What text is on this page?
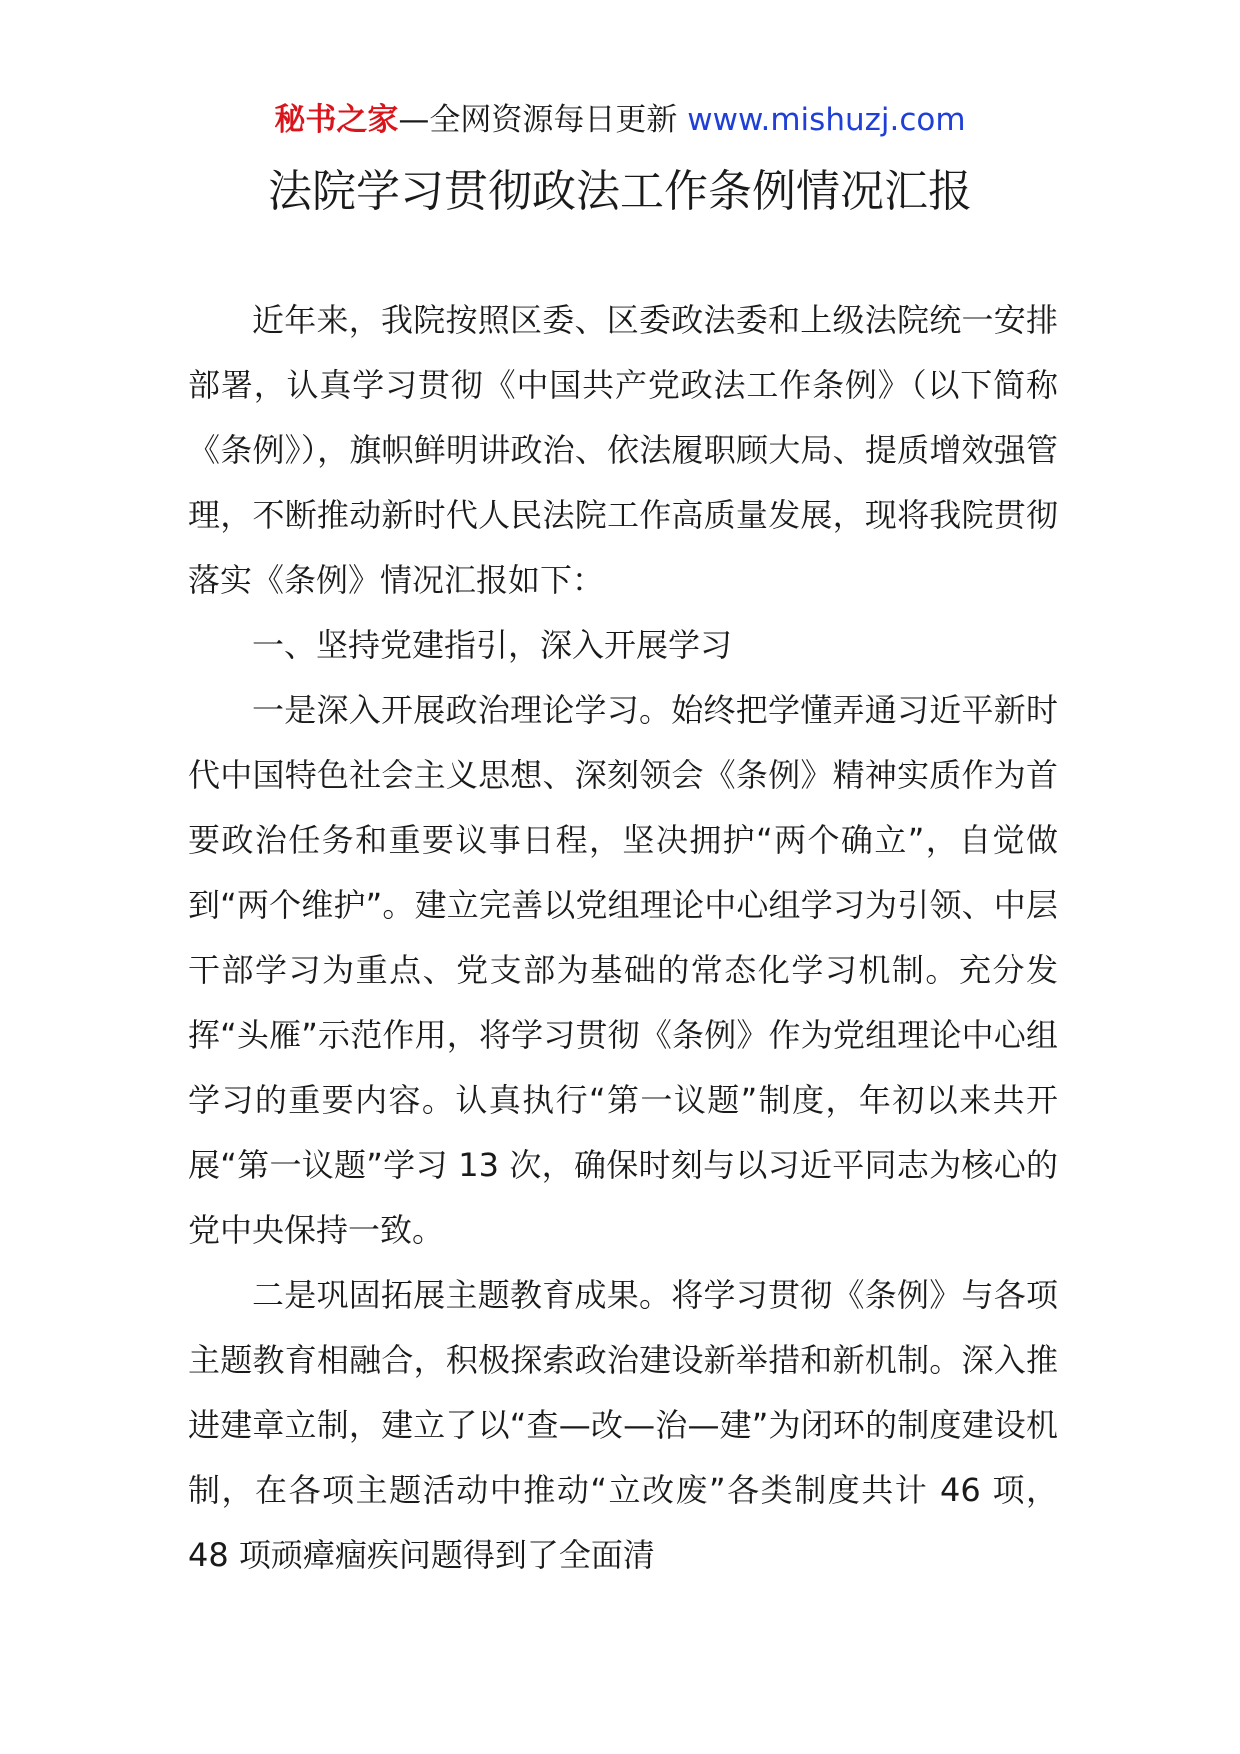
秘书之家—全网资源每日更新 www.mishuzj.com
法院学习贯彻政法工作条例情况汇报

近年来，我院按照区委、区委政法委和上级法院统一安排部署，认真学习贯彻《中国共产党政法工作条例》（以下简称《条例》），旗帜鲜明讲政治、依法履职顾大局、提质增效强管理，不断推动新时代人民法院工作高质量发展，现将我院贯彻落实《条例》情况汇报如下：

一、坚持党建指引，深入开展学习

一是深入开展政治理论学习。始终把学懂弄通习近平新时代中国特色社会主义思想、深刻领会《条例》精神实质作为首要政治任务和重要议事日程，坚决拥护“两个确立”，自觉做到“两个维护”。建立完善以党组理论中心组学习为引领、中层干部学习为重点、党支部为基础的常态化学习机制。充分发挥“头雁”示范作用，将学习贯彻《条例》作为党组理论中心组学习的重要内容。认真执行“第一议题”制度，年初以来共开展“第一议题”学习 13 次，确保时刻与以习近平同志为核心的党中央保持一致。

二是巩固拓展主题教育成果。将学习贯彻《条例》与各项主题教育相融合，积极探索政治建设新举措和新机制。深入推进建章立制，建立了以“查—改—治—建”为闭环的制度建设机制，在各项主题活动中推动“立改废”各类制度共计 46 项，48 项顽瘴痼疾问题得到了全面清
